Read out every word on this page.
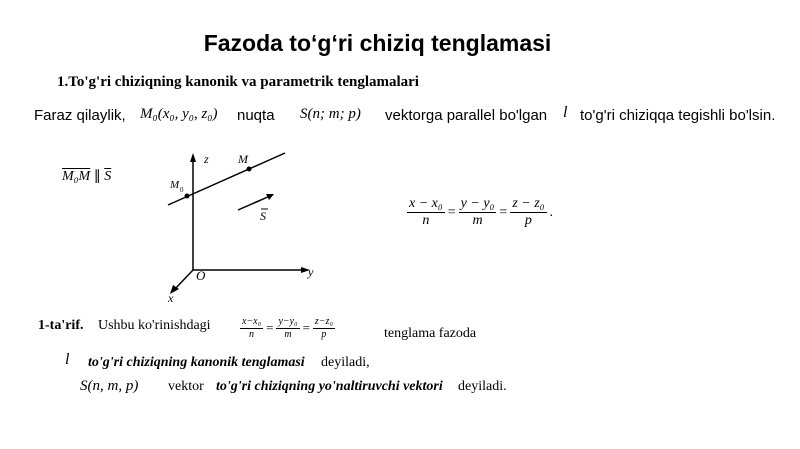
Fazoda to‘g‘ri chiziq tenglamasi
1.To'g'ri chiziqning kanonik va parametrik tenglamalari
Faraz qilaylik, M₀(x₀, y₀, z₀) nuqta S(n; m; p) vektorga parallel bo'lgan l to'g'ri chiziqqa tegishli bo'lsin.
M₀M ∥ $\overline{S}$
z
y
x
O
M
M 0
S	$\frac{\text{x − x₀}}{n} = \frac{\text{y − y₀}}{m} = \frac{\text{z − z₀}}{p}$ .
1-ta'rif. Ushbu ko'rinishdagi	$\frac{\text{x−x₀}}{n} = \frac{\text{y−y₀}}{m} = \frac{\text{z−z₀}}{p}$	tenglama fazoda
l to'g'ri chiziqning kanonik tenglamasi deyiladi,
S(n, m, p) vektor to'g'ri chiziqning yo'naltiruvchi vektori deyiladi.
